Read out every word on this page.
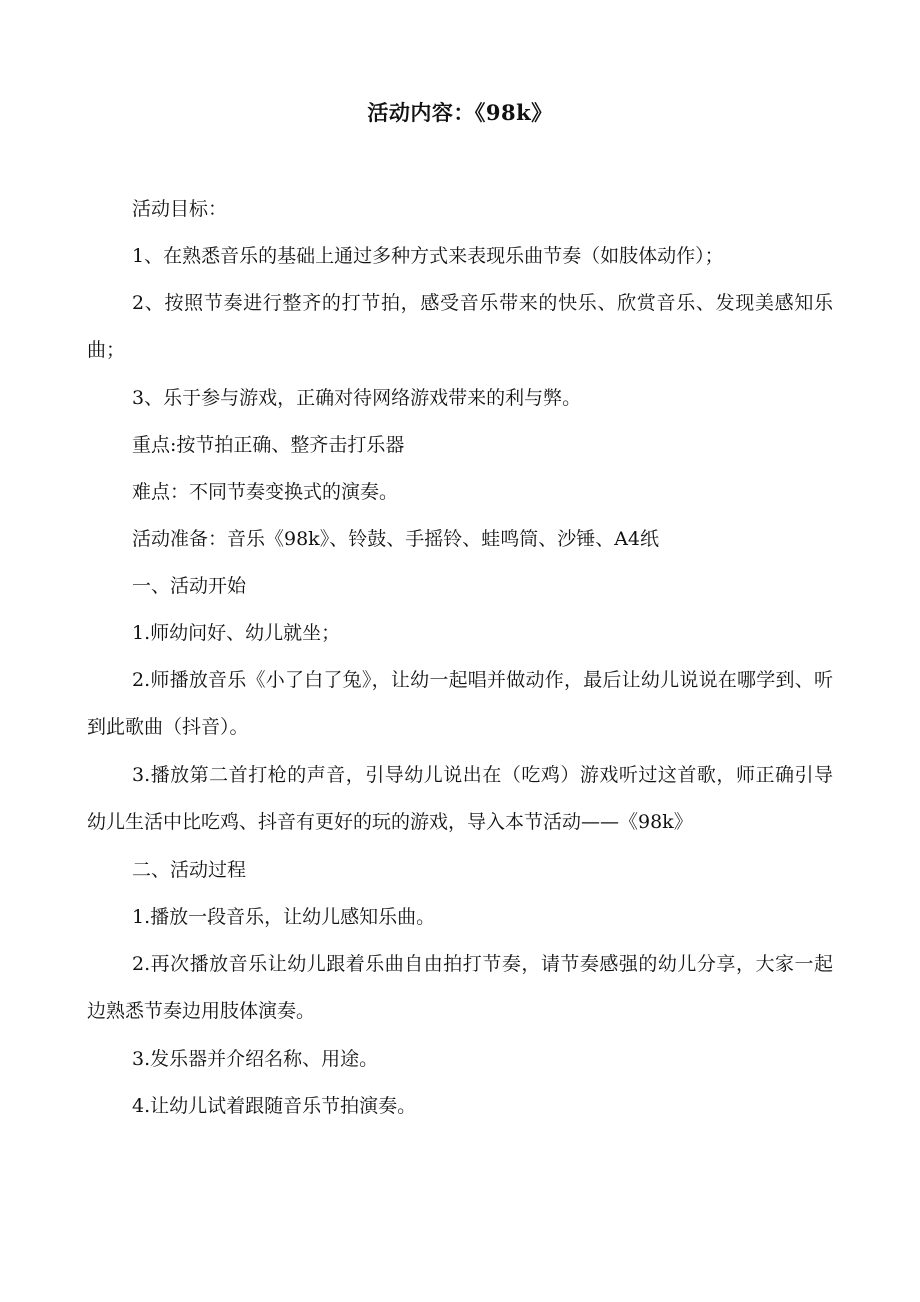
活动内容：《98k》

活动目标：

1、在熟悉音乐的基础上通过多种方式来表现乐曲节奏（如肢体动作）；

2、按照节奏进行整齐的打节拍，感受音乐带来的快乐、欣赏音乐、发现美感知乐曲；

3、乐于参与游戏，正确对待网络游戏带来的利与弊。

重点:按节拍正确、整齐击打乐器

难点：不同节奏变换式的演奏。

活动准备：音乐《98k》、铃鼓、手摇铃、蛙鸣筒、沙锤、A4纸

一、活动开始

1.师幼问好、幼儿就坐；

2.师播放音乐《小了白了兔》，让幼一起唱并做动作，最后让幼儿说说在哪学到、听到此歌曲（抖音）。

3.播放第二首打枪的声音，引导幼儿说出在（吃鸡）游戏听过这首歌，师正确引导幼儿生活中比吃鸡、抖音有更好的玩的游戏，导入本节活动——《98k》

二、活动过程

1.播放一段音乐，让幼儿感知乐曲。

2.再次播放音乐让幼儿跟着乐曲自由拍打节奏，请节奏感强的幼儿分享，大家一起边熟悉节奏边用肢体演奏。

3.发乐器并介绍名称、用途。

4.让幼儿试着跟随音乐节拍演奏。
